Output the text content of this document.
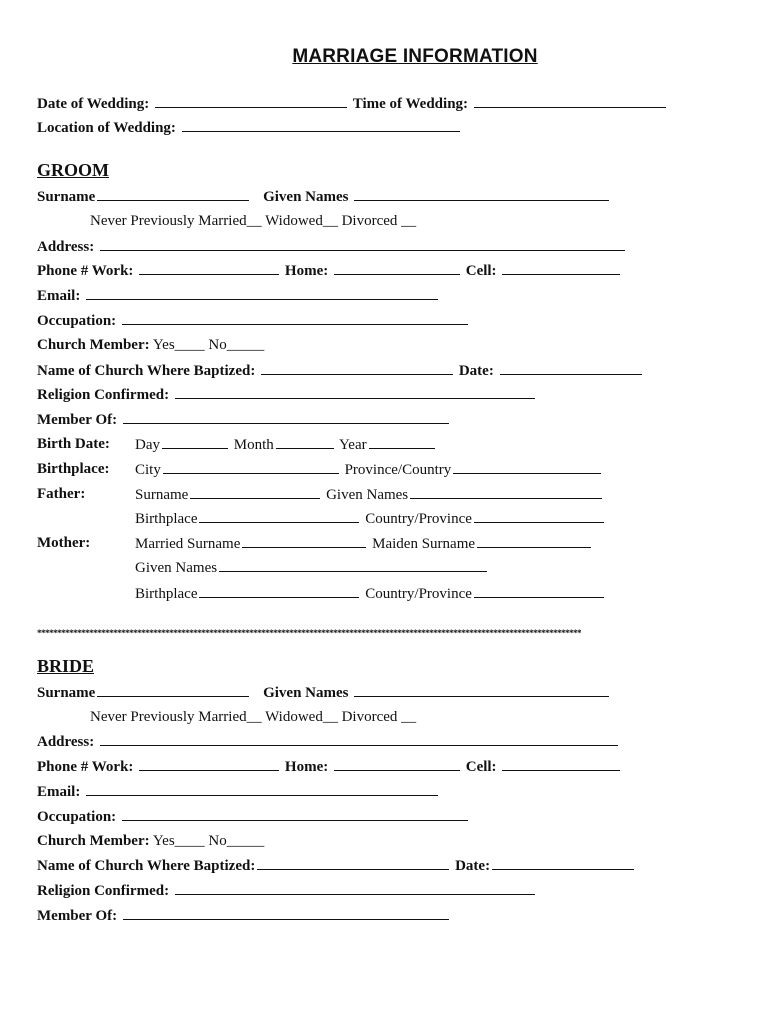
MARRIAGE INFORMATION
Date of Wedding:	Time of Wedding:
Location of Wedding:
GROOM
Surname	Given Names
Never Previously Married__ Widowed__ Divorced __
Address:
Phone # Work:	Home:	Cell:
Email:
Occupation:
Church Member: Yes____ No_____
Name of Church Where Baptized:	Date:
Religion Confirmed:
Member Of:
Birth Date: Day	Month	Year
Birthplace: City	Province/Country
Father:	Surname	Given Names
Birthplace	Country/Province
Mother:	Married Surname	Maiden Surname
Given Names
Birthplace	Country/Province
****************************************************************************************************************************************
BRIDE
Surname	Given Names
Never Previously Married__ Widowed__ Divorced __
Address:
Phone # Work:	Home:	Cell:
Email:
Occupation:
Church Member: Yes____ No_____
Name of Church Where Baptized:	Date:
Religion Confirmed:
Member Of:
